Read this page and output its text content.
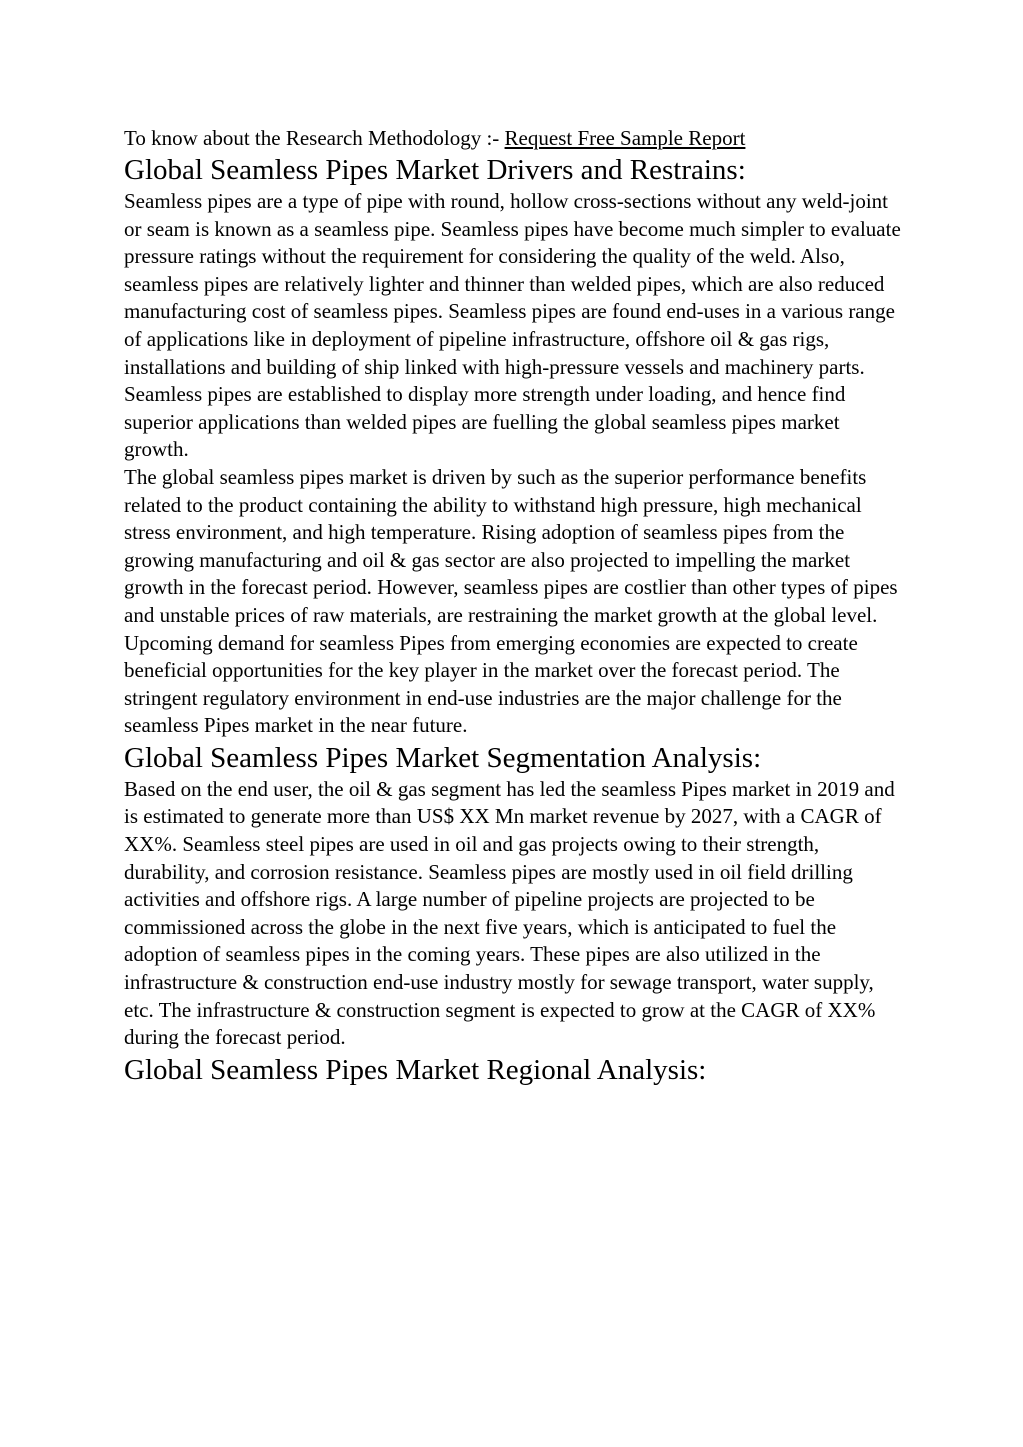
To know about the Research Methodology :- Request Free Sample Report

Global Seamless Pipes Market Drivers and Restrains:

Seamless pipes are a type of pipe with round, hollow cross-sections without any weld-joint or seam is known as a seamless pipe. Seamless pipes have become much simpler to evaluate pressure ratings without the requirement for considering the quality of the weld. Also, seamless pipes are relatively lighter and thinner than welded pipes, which are also reduced manufacturing cost of seamless pipes. Seamless pipes are found end-uses in a various range of applications like in deployment of pipeline infrastructure, offshore oil & gas rigs, installations and building of ship linked with high-pressure vessels and machinery parts. Seamless pipes are established to display more strength under loading, and hence find superior applications than welded pipes are fuelling the global seamless pipes market growth.

The global seamless pipes market is driven by such as the superior performance benefits related to the product containing the ability to withstand high pressure, high mechanical stress environment, and high temperature. Rising adoption of seamless pipes from the growing manufacturing and oil & gas sector are also projected to impelling the market growth in the forecast period. However, seamless pipes are costlier than other types of pipes and unstable prices of raw materials, are restraining the market growth at the global level. Upcoming demand for seamless Pipes from emerging economies are expected to create beneficial opportunities for the key player in the market over the forecast period. The stringent regulatory environment in end-use industries are the major challenge for the seamless Pipes market in the near future.

Global Seamless Pipes Market Segmentation Analysis:

Based on the end user, the oil & gas segment has led the seamless Pipes market in 2019 and is estimated to generate more than US$ XX Mn market revenue by 2027, with a CAGR of XX%. Seamless steel pipes are used in oil and gas projects owing to their strength, durability, and corrosion resistance. Seamless pipes are mostly used in oil field drilling activities and offshore rigs. A large number of pipeline projects are projected to be commissioned across the globe in the next five years, which is anticipated to fuel the adoption of seamless pipes in the coming years. These pipes are also utilized in the infrastructure & construction end-use industry mostly for sewage transport, water supply, etc. The infrastructure & construction segment is expected to grow at the CAGR of XX% during the forecast period.

Global Seamless Pipes Market Regional Analysis:
